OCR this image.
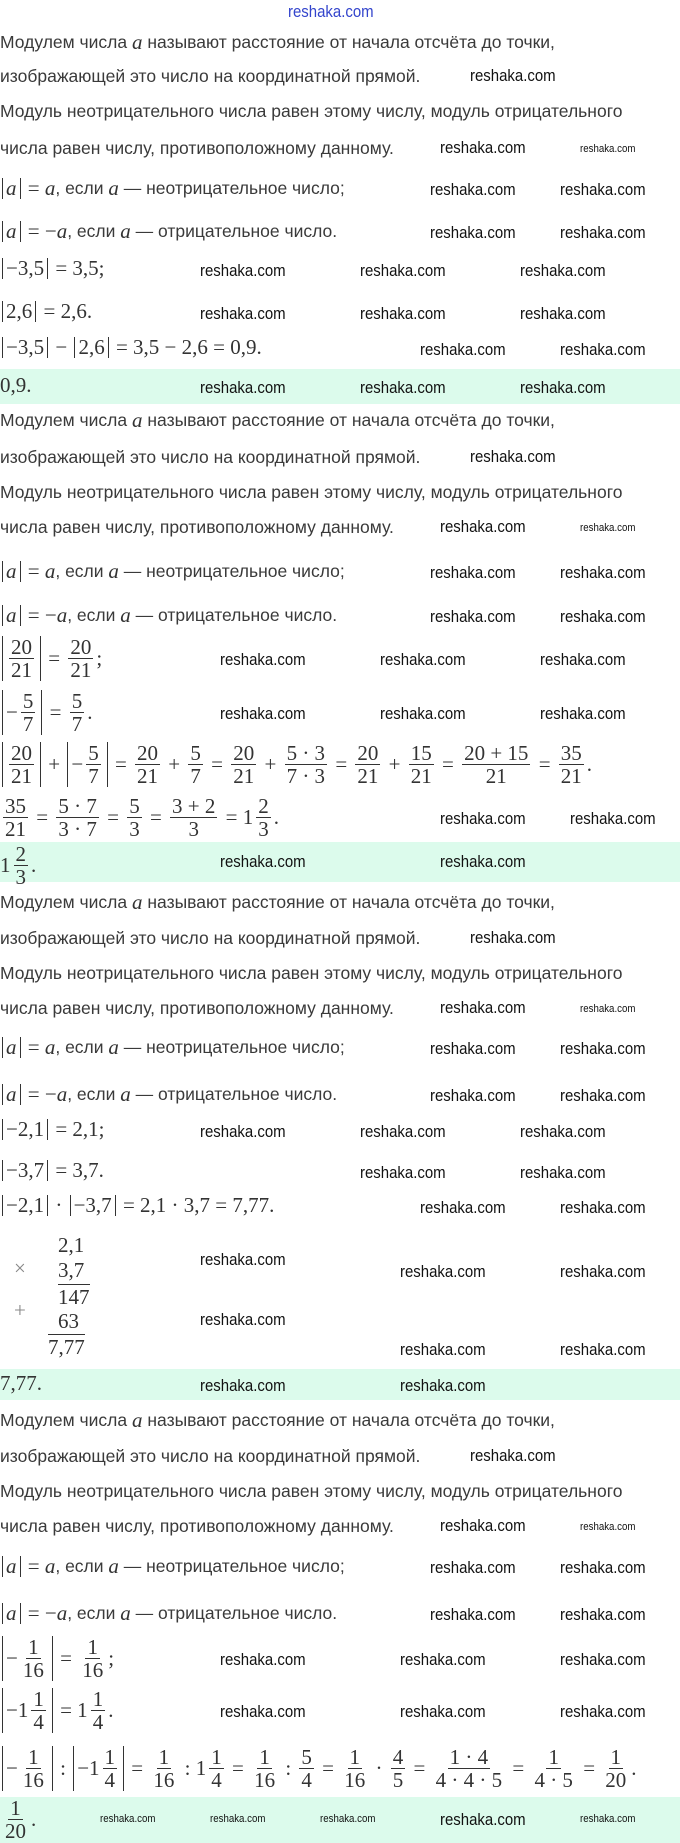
reshaka.com
Модулем числа a называют расстояние от начала отсчёта до точки,
изображающей это число на координатной прямой.
Модуль неотрицательного числа равен этому числу, модуль отрицательного
числа равен числу, противоположному данному.
a = a , если a — неотрицательное число;
a = − a , если a — отрицательное число.
−3,5 = 3,5;
2,6 = 2,6.
−3,5 − 2,6 = 3,5 − 2,6 = 0,9.
0,9.
Модулем числа a называют расстояние от начала отсчёта до точки,
изображающей это число на координатной прямой.
Модуль неотрицательного числа равен этому числу, модуль отрицательного
числа равен числу, противоположному данному.
a = a , если a — неотрицательное число;
a = − a , если a — отрицательное число.
$\frac{20}{21} = \frac{20}{21}$ ;
− $\frac{5}{7} = \frac{5}{7}$ .
$\frac{20}{21}$ + − $\frac{5}{7} = \frac{20}{21} + \frac{5}{7} = \frac{20}{21} + \frac{5 \cdot 3}{7 \cdot 3} = \frac{20}{21} + \frac{15}{21} = \frac{20 + 15}{21} = \frac{35}{21}$ .
$\frac{35}{21} = \frac{5 \cdot 7}{3 \cdot 7} = \frac{5}{3} = \frac{3 + 2}{3} = 1 \frac{2}{3}$ .
$1 \frac{2}{3}$ .
Модулем числа a называют расстояние от начала отсчёта до точки,
изображающей это число на координатной прямой.
Модуль неотрицательного числа равен этому числу, модуль отрицательного
числа равен числу, противоположному данному.
a = a , если a — неотрицательное число;
a = − a , если a — отрицательное число.
−2,1 = 2,1;
−3,7 = 3,7.
−2,1 · −3,7 = 2,1 · 3,7 = 7,77.
×
2,1
3,7
147
+ 63
7,77
7,77.
Модулем числа a называют расстояние от начала отсчёта до точки,
изображающей это число на координатной прямой.
Модуль неотрицательного числа равен этому числу, модуль отрицательного
числа равен числу, противоположному данному.
a = a , если a — неотрицательное число;
a = − a , если a — отрицательное число.
− $\frac{1}{16} = \frac{1}{16}$ ;
$-1 \frac{1}{4} = 1 \frac{1}{4}$ .
− $\frac{1}{16}$ : $-1 \frac{1}{4} = \frac{1}{16}$ : $1 \frac{1}{4} = \frac{1}{16}$ : $\frac{5}{4} = \frac{1}{16} \cdot \frac{4}{5} = \frac{1 \cdot 4}{4 \cdot 4 \cdot 5} = \frac{1}{4 \cdot 5} = \frac{1}{20}$ .
$\frac{1}{20}$ .
reshaka.com
reshaka.com	reshaka.com
reshaka.com	reshaka.com
reshaka.com	reshaka.com
reshaka.com	reshaka.com	reshaka.com
reshaka.com	reshaka.com	reshaka.com
reshaka.com	reshaka.com
reshaka.com	reshaka.com	reshaka.com
reshaka.com
reshaka.com	reshaka.com
reshaka.com	reshaka.com
reshaka.com	reshaka.com
reshaka.com	reshaka.com	reshaka.com
reshaka.com	reshaka.com	reshaka.com
reshaka.com	reshaka.com
reshaka.com	reshaka.com
reshaka.com
reshaka.com	reshaka.com
reshaka.com	reshaka.com
reshaka.com	reshaka.com
reshaka.com	reshaka.com	reshaka.com
reshaka.com	reshaka.com
reshaka.com	reshaka.com
reshaka.com
reshaka.com	reshaka.com
reshaka.com
reshaka.com	reshaka.com
reshaka.com	reshaka.com
reshaka.com
reshaka.com	reshaka.com
reshaka.com	reshaka.com
reshaka.com	reshaka.com
reshaka.com	reshaka.com	reshaka.com
reshaka.com	reshaka.com	reshaka.com
reshaka.com	reshaka.com	reshaka.com	reshaka.com	reshaka.com
